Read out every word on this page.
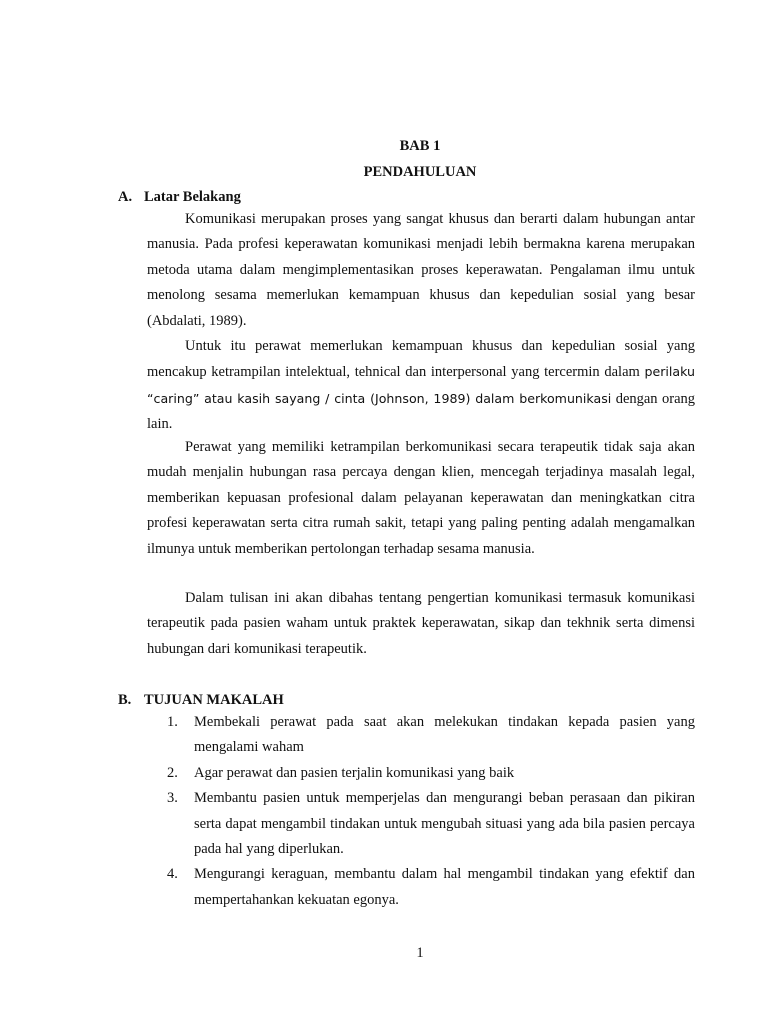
BAB 1

PENDAHULUAN

A. Latar Belakang

Komunikasi merupakan proses yang sangat khusus dan berarti dalam hubungan antar manusia. Pada profesi keperawatan komunikasi menjadi lebih bermakna karena merupakan metoda utama dalam mengimplementasikan proses keperawatan. Pengalaman ilmu untuk menolong sesama memerlukan kemampuan khusus dan kepedulian sosial yang besar (Abdalati, 1989).

Untuk itu perawat memerlukan kemampuan khusus dan kepedulian sosial yang mencakup ketrampilan intelektual, tehnical dan interpersonal yang tercermin dalam perilaku “caring” atau kasih sayang / cinta (Johnson, 1989) dalam berkomunikasi dengan orang lain.

Perawat yang memiliki ketrampilan berkomunikasi secara terapeutik tidak saja akan mudah menjalin hubungan rasa percaya dengan klien, mencegah terjadinya masalah legal, memberikan kepuasan profesional dalam pelayanan keperawatan dan meningkatkan citra profesi keperawatan serta citra rumah sakit, tetapi yang paling penting adalah mengamalkan ilmunya untuk memberikan pertolongan terhadap sesama manusia.

Dalam tulisan ini akan dibahas tentang pengertian komunikasi termasuk komunikasi terapeutik pada pasien waham untuk praktek keperawatan, sikap dan tekhnik serta dimensi hubungan dari komunikasi terapeutik.

B. TUJUAN MAKALAH
1. Membekali perawat pada saat akan melekukan tindakan kepada pasien yang mengalami waham
2. Agar perawat dan pasien terjalin komunikasi yang baik
3. Membantu pasien untuk memperjelas dan mengurangi beban perasaan dan pikiran serta dapat mengambil tindakan untuk mengubah situasi yang ada bila pasien percaya pada hal yang diperlukan.
4. Mengurangi keraguan, membantu dalam hal mengambil tindakan yang efektif dan mempertahankan kekuatan egonya.

1
